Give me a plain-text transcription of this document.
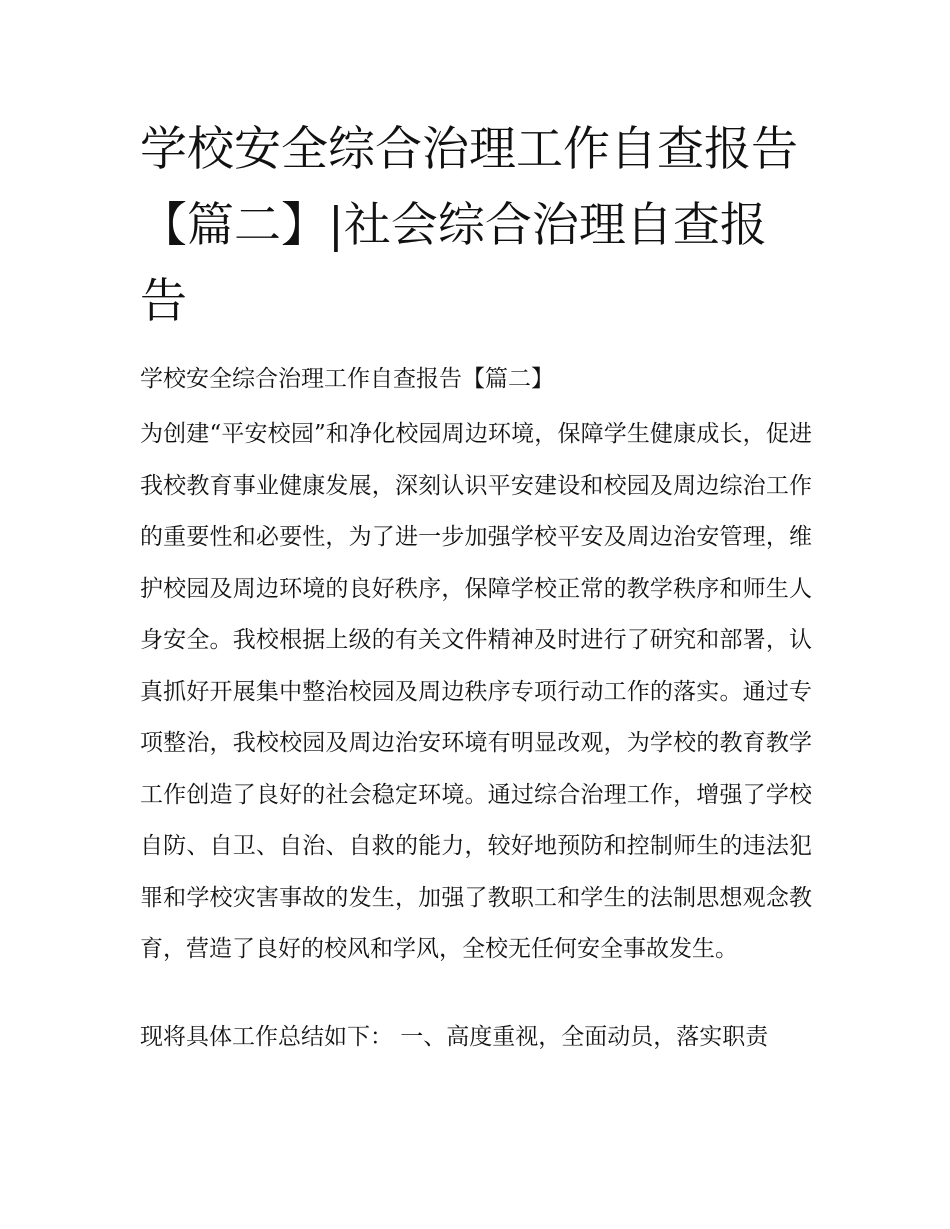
学校安全综合治理工作自查报告【篇二】|社会综合治理自查报告

学校安全综合治理工作自查报告【篇二】

为创建“平安校园”和净化校园周边环境，保障学生健康成长，促进我校教育事业健康发展，深刻认识平安建设和校园及周边综治工作的重要性和必要性，为了进一步加强学校平安及周边治安管理，维护校园及周边环境的良好秩序，保障学校正常的教学秩序和师生人身安全。我校根据上级的有关文件精神及时进行了研究和部署，认真抓好开展集中整治校园及周边秩序专项行动工作的落实。通过专项整治，我校校园及周边治安环境有明显改观，为学校的教育教学工作创造了良好的社会稳定环境。通过综合治理工作，增强了学校自防、自卫、自治、自救的能力，较好地预防和控制师生的违法犯罪和学校灾害事故的发生，加强了教职工和学生的法制思想观念教育，营造了良好的校风和学风，全校无任何安全事故发生。

现将具体工作总结如下： 一、高度重视，全面动员，落实职责
